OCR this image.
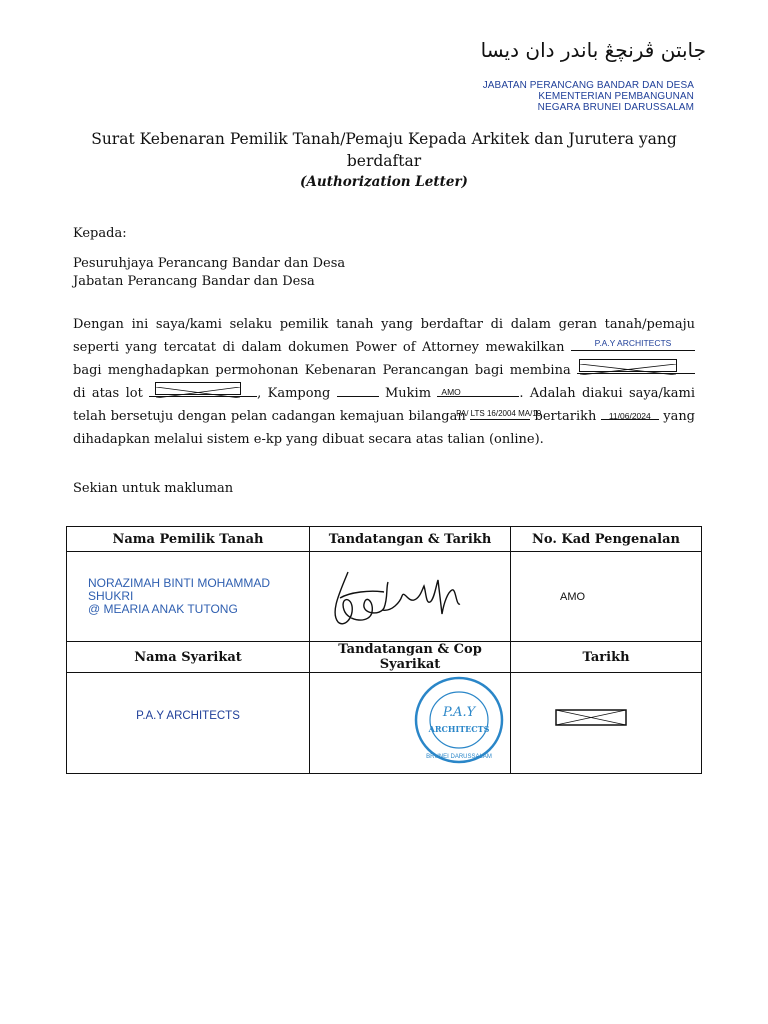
جابتن ڤرنچڠ باندر دان ديسا
JABATAN PERANCANG BANDAR DAN DESA
KEMENTERIAN PEMBANGUNAN
NEGARA BRUNEI DARUSSALAM
Surat Kebenaran Pemilik Tanah/Pemaju Kepada Arkitek dan Jurutera yang berdaftar
(Authorization Letter)
Kepada:
Pesuruhjaya Perancang Bandar dan Desa
Jabatan Perancang Bandar dan Desa
Dengan ini saya/kami selaku pemilik tanah yang berdaftar di dalam geran tanah/pemaju seperti yang tercatat di dalam dokumen Power of Attorney mewakilkan	P.A.Y ARCHITECTS
bagi menghadapkan permohonan Kebenaran Perancangan bagi membina
di atas lot	, Kampong	Mukim AMO	. Adalah diakui saya/kami telah bersetuju dengan pelan cadangan kemajuan bilangan
PA/ LTS 16/2004 MA/19
bertarikh	11/06/2024 yang dihadapkan melalui sistem e-kp yang dibuat secara atas talian (online).
Sekian untuk makluman
Nama Pemilik Tanah	Tandatangan & Tarikh	No. Kad Pengenalan

NORAZIMAH BINTI MOHAMMAD
SHUKRI
@ MEARIA ANAK TUTONG		AMO
Nama Syarikat	Tandatangan & Cop Syarikat	Tarikh
P.A.Y ARCHITECTS	P.A.Y
ARCHITECTS
BRUNEI DARUSSALAM
